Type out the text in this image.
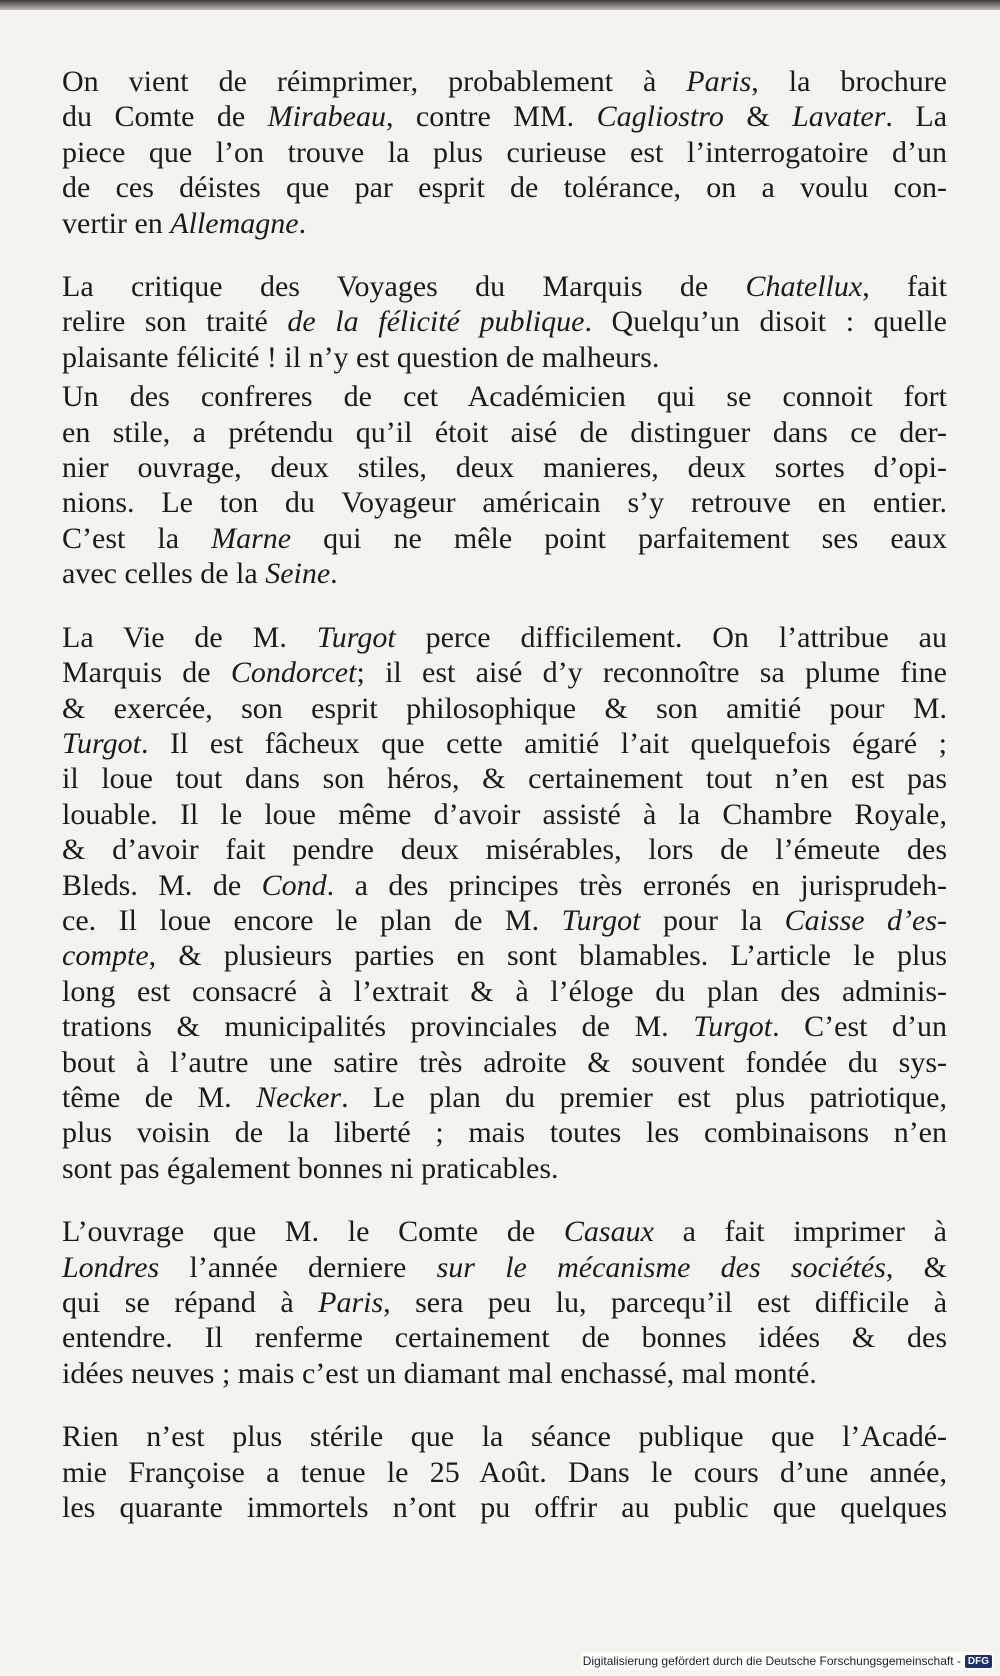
On vient de réimprimer, probablement à Paris, la brochure
du Comte de Mirabeau, contre MM. Cagliostro & Lavater. La
piece que l’on trouve la plus curieuse est l’interrogatoire d’un
de ces déistes que par esprit de tolérance, on a voulu con-
vertir en Allemagne.

La critique des Voyages du Marquis de Chatellux, fait
relire son traité de la félicité publique. Quelqu’un disoit : quelle
plaisante félicité ! il n’y est question de malheurs.

Un des confreres de cet Académicien qui se connoit fort
en stile, a prétendu qu’il étoit aisé de distinguer dans ce der-
nier ouvrage, deux stiles, deux manieres, deux sortes d’opi-
nions. Le ton du Voyageur américain s’y retrouve en entier.
C’est la Marne qui ne mêle point parfaitement ses eaux
avec celles de la Seine.

La Vie de M. Turgot perce difficilement. On l’attribue au
Marquis de Condorcet; il est aisé d’y reconnoître sa plume fine
& exercée, son esprit philosophique & son amitié pour M.
Turgot. Il est fâcheux que cette amitié l’ait quelquefois égaré ;
il loue tout dans son héros, & certainement tout n’en est pas
louable. Il le loue même d’avoir assisté à la Chambre Royale,
& d’avoir fait pendre deux misérables, lors de l’émeute des
Bleds. M. de Cond. a des principes très erronés en jurisprudeh-
ce. Il loue encore le plan de M. Turgot pour la Caisse d’es-
compte, & plusieurs parties en sont blamables. L’article le plus
long est consacré à l’extrait & à l’éloge du plan des adminis-
trations & municipalités provinciales de M. Turgot. C’est d’un
bout à l’autre une satire très adroite & souvent fondée du sys-
tême de M. Necker. Le plan du premier est plus patriotique,
plus voisin de la liberté ; mais toutes les combinaisons n’en
sont pas également bonnes ni praticables.

L’ouvrage que M. le Comte de Casaux a fait imprimer à
Londres l’année derniere sur le mécanisme des sociétés, &
qui se répand à Paris, sera peu lu, parcequ’il est difficile à
entendre. Il renferme certainement de bonnes idées & des
idées neuves ; mais c’est un diamant mal enchassé, mal monté.

Rien n’est plus stérile que la séance publique que l’Acadé-
mie Françoise a tenue le 25 Août. Dans le cours d’une année,
les quarante immortels n’ont pu offrir au public que quelques

Digitalisierung gefördert durch die Deutsche Forschungsgemeinschaft - DFG
